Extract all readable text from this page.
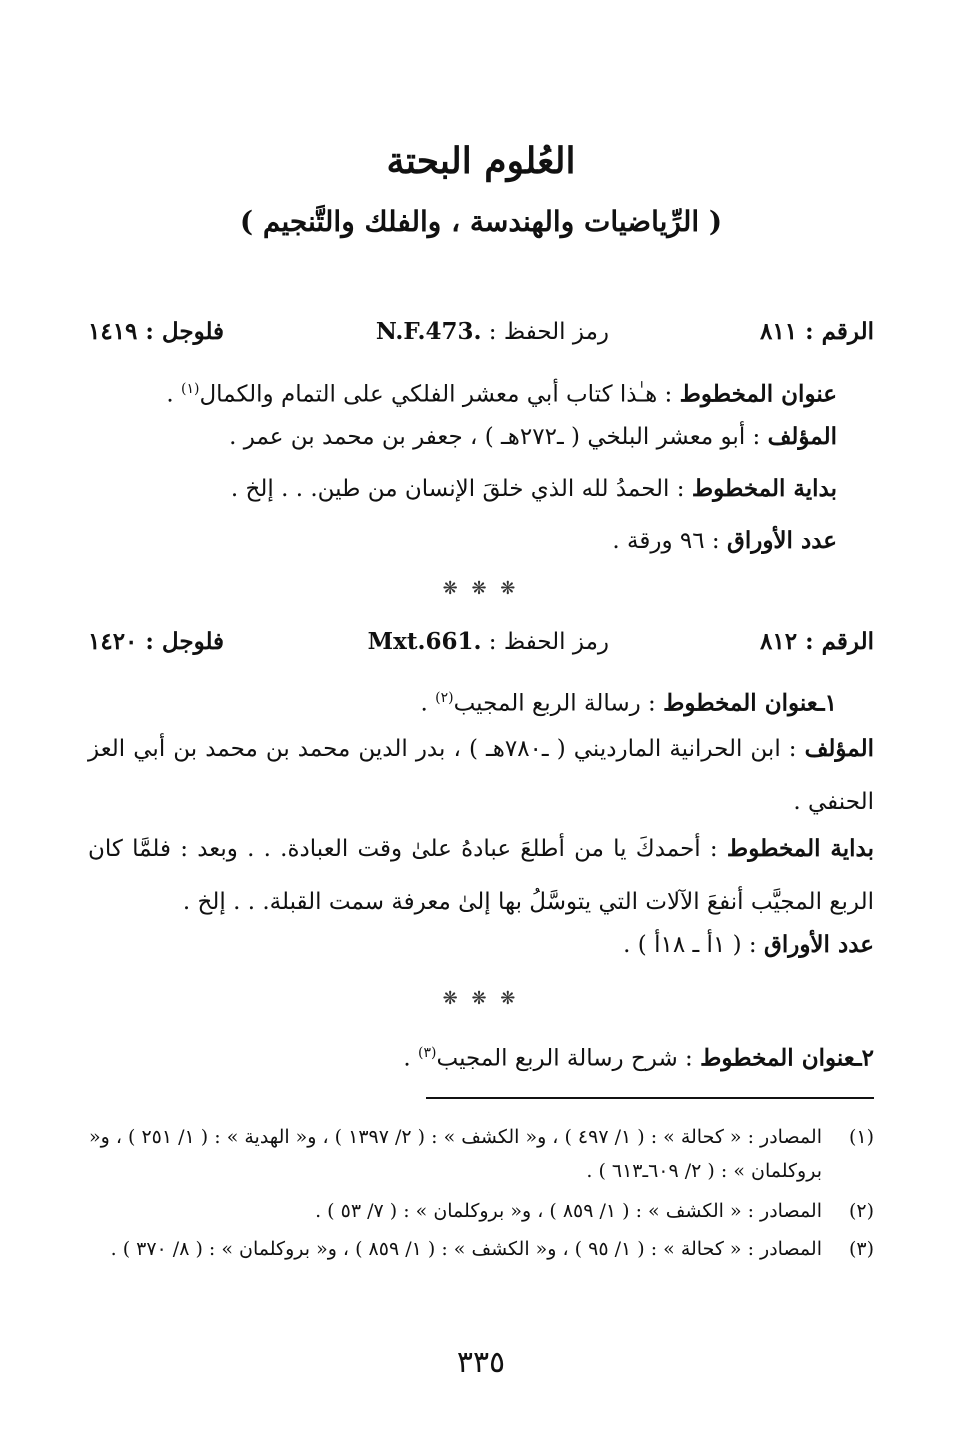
العُلوم البحتة
( الرِّياضيات والهندسة ، والفلك والتَّنجيم )
الرقم : ٨١١
رمز الحفظ : N.F.473.
فلوجل : ١٤١٩
عنوان المخطوط : هـٰذا كتاب أبي معشر الفلكي على التمام والكمال$^{(١)}$ .
المؤلف : أبو معشر البلخي ( ـ٢٧٢هـ ) ، جعفر بن محمد بن عمر .
بداية المخطوط : الحمدُ لله الذي خلقَ الإنسان من طين. . . إلخ .
عدد الأوراق : ٩٦ ورقة .
❋ ❋ ❋
الرقم : ٨١٢
رمز الحفظ : Mxt.661.
فلوجل : ١٤٢٠
١ـعنوان المخطوط : رسالة الربع المجيب$^{(٢)}$ .
المؤلف : ابن الحرانية المارديني ( ـ٧٨٠هـ ) ، بدر الدين محمد بن محمد بن أبي العز الحنفي .
بداية المخطوط : أحمدكَ يا من أطلعَ عبادهُ علىٰ وقت العبادة. . . وبعد : فلمَّا كان الربع المجيَّب أنفعَ الآلات التي يتوسَّلُ بها إلىٰ معرفة سمت القبلة. . . إلخ .
عدد الأوراق : ( ١أ ـ ١٨أ ) .
❋ ❋ ❋
٢ـعنوان المخطوط : شرح رسالة الربع المجيب$^{(٣)}$ .
(١)
المصادر : « كحالة » : ( ١/ ٤٩٧ ) ، و« الكشف » : ( ٢/ ١٣٩٧ ) ، و« الهدية » : ( ١/ ٢٥١ ) ، و« بروكلمان » : ( ٢/ ٦٠٩ـ٦١٣ ) .
(٢)
المصادر : « الكشف » : ( ١/ ٨٥٩ ) ، و« بروكلمان » : ( ٧/ ٥٣ ) .
(٣)
المصادر : « كحالة » : ( ١/ ٩٥ ) ، و« الكشف » : ( ١/ ٨٥٩ ) ، و« بروكلمان » : ( ٨/ ٣٧٠ ) .
٣٣٥
